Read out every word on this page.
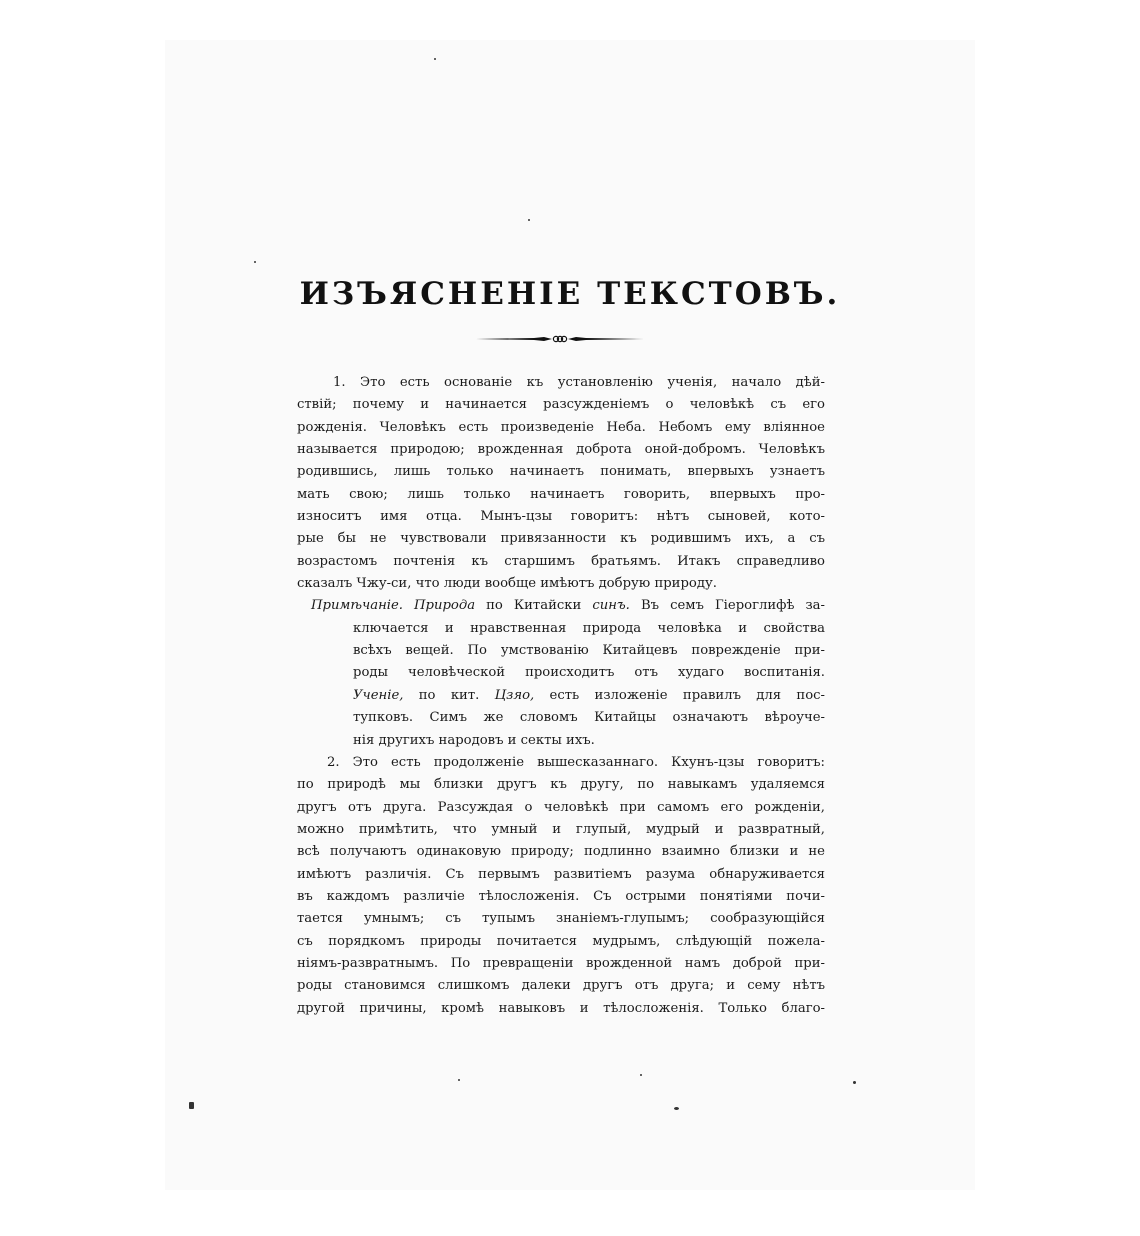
ИЗЪЯСНЕНІЕ ТЕКСТОВЪ.
1. Это есть основаніе къ установленію ученія, начало дѣй-
ствій; почему и начинается разсужденіемъ о человѣкѣ съ его
рожденія. Человѣкъ есть произведеніе Неба. Небомъ ему влiянное
называется природою; врожденная доброта оной-добромъ. Человѣкъ
родившись, лишь только начинаетъ понимать, впервыхъ узнаетъ
мать свою; лишь только начинаетъ говорить, впервыхъ про-
износитъ имя отца. Мынъ-цзы говоритъ: нѣтъ сыновей, кото-
рые бы не чувствовали привязанности къ родившимъ ихъ, а съ
возрастомъ почтенія къ старшимъ братьямъ. Итакъ справедливо
сказалъ Чжу-си, что люди вообще имѣютъ добрую природу.
Примѣчаніе. Природа по Китайски синъ. Въ семъ Гіероглифѣ за-
ключается и нравственная природа человѣка и свойства
всѣхъ вещей. По умствованію Китайцевъ поврежденіе при-
роды человѣческой происходитъ отъ худаго воспитанія.
Ученіе, по кит. Цзяо, есть изложеніе правилъ для пос-
тупковъ. Симъ же словомъ Китайцы означаютъ вѣроуче-
нія другихъ народовъ и секты ихъ.
2. Это есть продолженіе вышесказаннаго. Кхунъ-цзы говоритъ:
по природѣ мы близки другъ къ другу, по навыкамъ удаляемся
другъ отъ друга. Разсуждая о человѣкѣ при самомъ его рожденіи,
можно примѣтить, что умный и глупый, мудрый и развратный,
всѣ получаютъ одинаковую природу; подлинно взаимно близки и не
имѣютъ различія. Съ первымъ развитіемъ разума обнаруживается
въ каждомъ различіе тѣлосложенія. Съ острыми понятіями почи-
тается умнымъ; съ тупымъ знаніемъ-глупымъ; сообразующійся
съ порядкомъ природы почитается мудрымъ, слѣдующій пожела-
ніямъ-развратнымъ. По превращеніи врожденной намъ доброй при-
роды становимся слишкомъ далеки другъ отъ друга; и сему нѣтъ
другой причины, кромѣ навыковъ и тѣлосложенія. Только благо-
